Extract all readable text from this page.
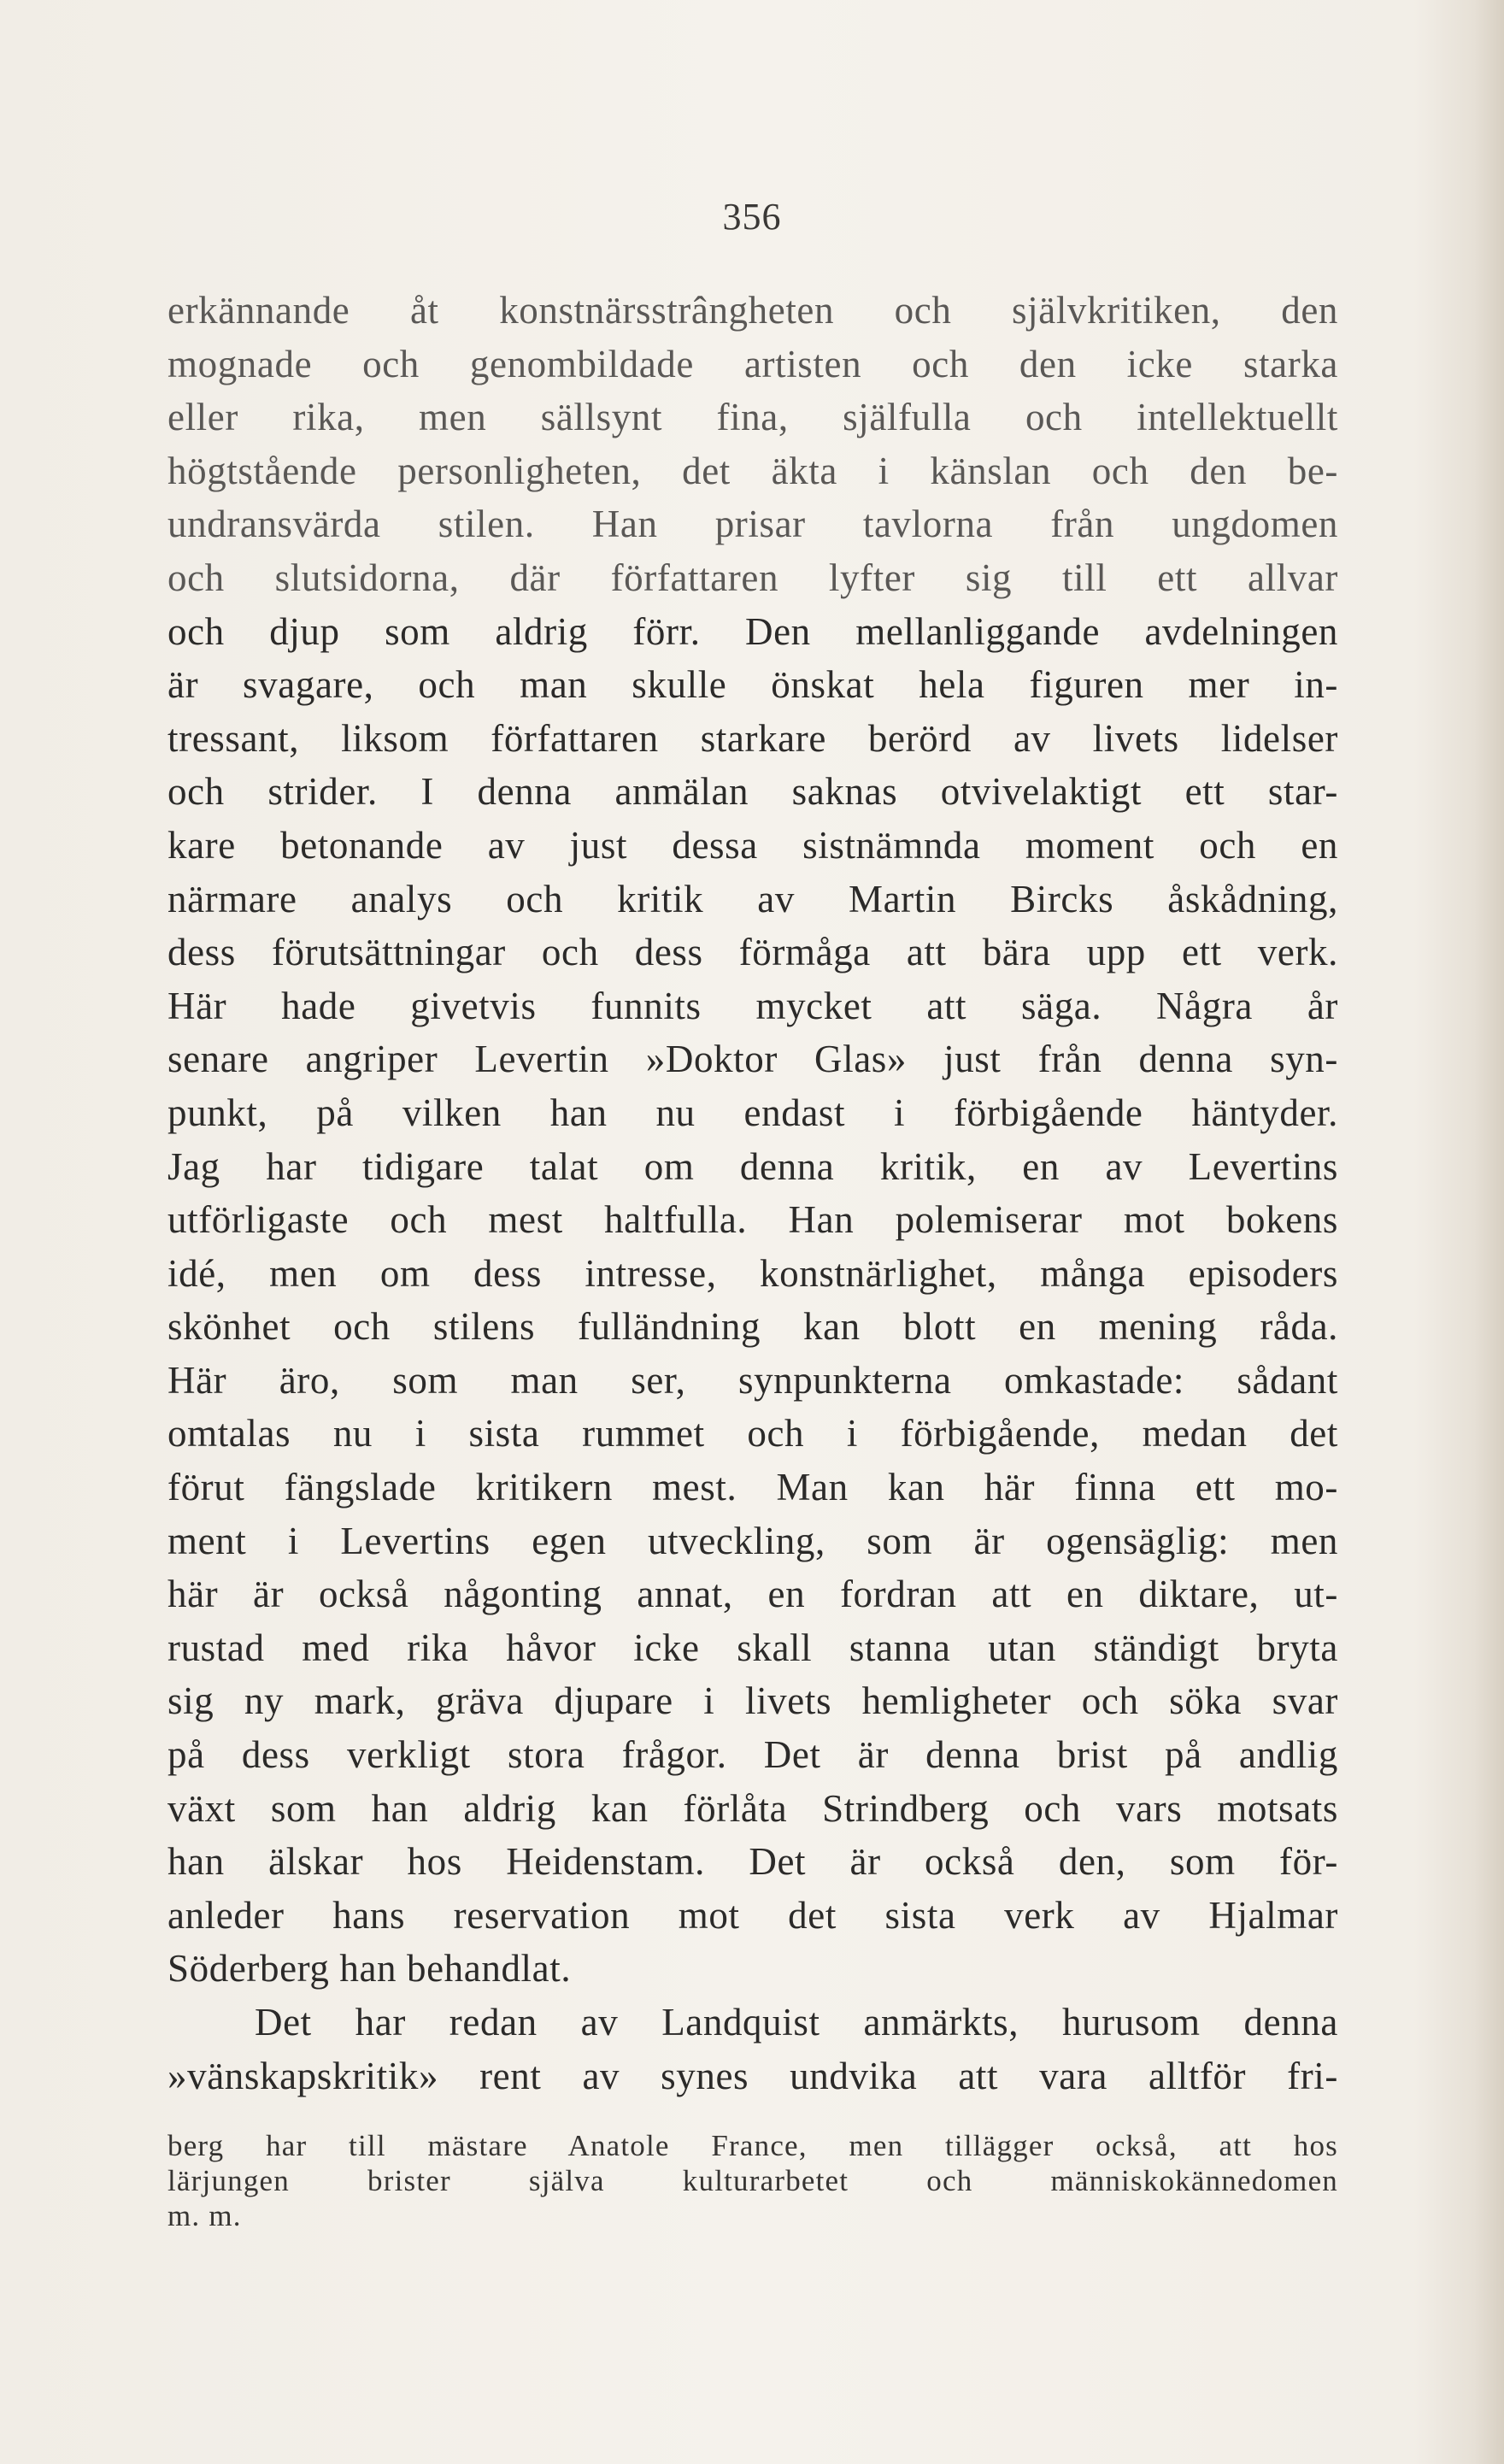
356
erkännande åt konstnärsstrângheten och självkritiken, den
mognade och genombildade artisten och den icke starka
eller rika, men sällsynt fina, själfulla och intellektuellt
högtstående personligheten, det äkta i känslan och den be-
undransvärda stilen. Han prisar tavlorna från ungdomen
och slutsidorna, där författaren lyfter sig till ett allvar
och djup som aldrig förr. Den mellanliggande avdelningen
är svagare, och man skulle önskat hela figuren mer in-
tressant, liksom författaren starkare berörd av livets lidelser
och strider. I denna anmälan saknas otvivelaktigt ett star-
kare betonande av just dessa sistnämnda moment och en
närmare analys och kritik av Martin Bircks åskådning,
dess förutsättningar och dess förmåga att bära upp ett verk.
Här hade givetvis funnits mycket att säga. Några år
senare angriper Levertin »Doktor Glas» just från denna syn-
punkt, på vilken han nu endast i förbigående häntyder.
Jag har tidigare talat om denna kritik, en av Levertins
utförligaste och mest haltfulla. Han polemiserar mot bokens
idé, men om dess intresse, konstnärlighet, många episoders
skönhet och stilens fulländning kan blott en mening råda.
Här äro, som man ser, synpunkterna omkastade: sådant
omtalas nu i sista rummet och i förbigående, medan det
förut fängslade kritikern mest. Man kan här finna ett mo-
ment i Levertins egen utveckling, som är ogensäglig: men
här är också någonting annat, en fordran att en diktare, ut-
rustad med rika håvor icke skall stanna utan ständigt bryta
sig ny mark, gräva djupare i livets hemligheter och söka svar
på dess verkligt stora frågor. Det är denna brist på andlig
växt som han aldrig kan förlåta Strindberg och vars motsats
han älskar hos Heidenstam. Det är också den, som för-
anleder hans reservation mot det sista verk av Hjalmar
Söderberg han behandlat.
Det har redan av Landquist anmärkts, hurusom denna
»vänskapskritik» rent av synes undvika att vara alltför fri-
berg har till mästare Anatole France, men tillägger också, att hos
lärjungen brister själva kulturarbetet och människokännedomen
m. m.
